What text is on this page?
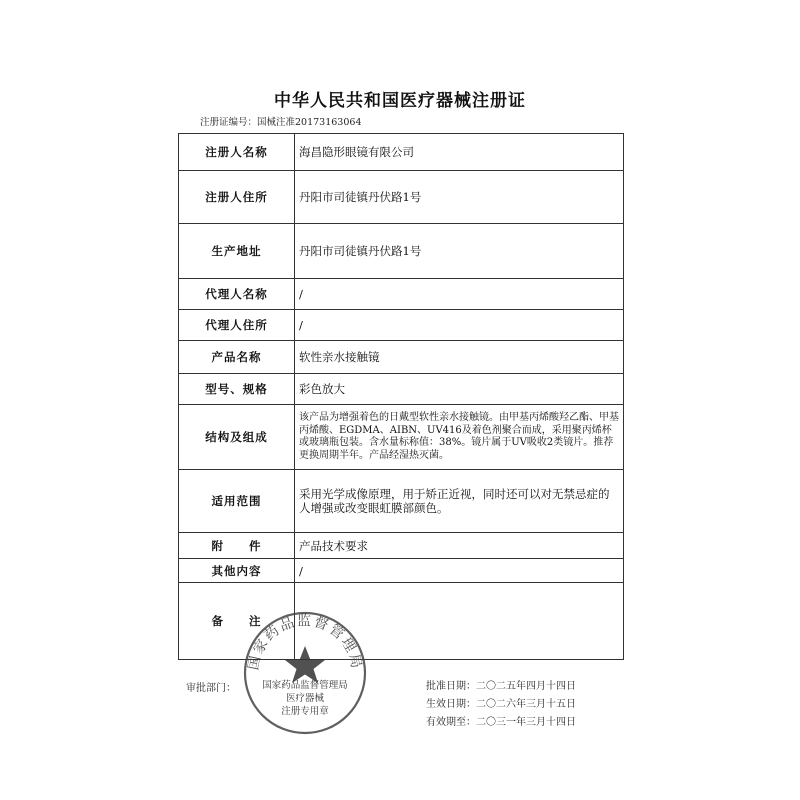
中华人民共和国医疗器械注册证
注册证编号：国械注准20173163064
注册人名称	海昌隐形眼镜有限公司
注册人住所	丹阳市司徒镇丹伏路1号
生产地址	丹阳市司徒镇丹伏路1号
代理人名称	/
代理人住所	/
产品名称	软性亲水接触镜
型号、规格	彩色放大
结构及组成	该产品为增强着色的日戴型软性亲水接触镜。由甲基丙烯酸羟乙酯、甲基丙烯酸、EGDMA、AIBN、UV416及着色剂聚合而成，采用聚丙烯杯或玻璃瓶包装。含水量标称值：38%。镜片属于UV吸收2类镜片。推荐更换周期半年。产品经湿热灭菌。
适用范围	采用光学成像原理，用于矫正近视，同时还可以对无禁忌症的人增强或改变眼虹膜部颜色。
附　　件	产品技术要求
其他内容	/
备　　注	
审批部门：
国家药品监督管理局
国家药品监督管理局
医疗器械
注册专用章
批准日期：二〇二五年四月十四日
生效日期：二〇二六年三月十五日
有效期至：二〇三一年三月十四日
